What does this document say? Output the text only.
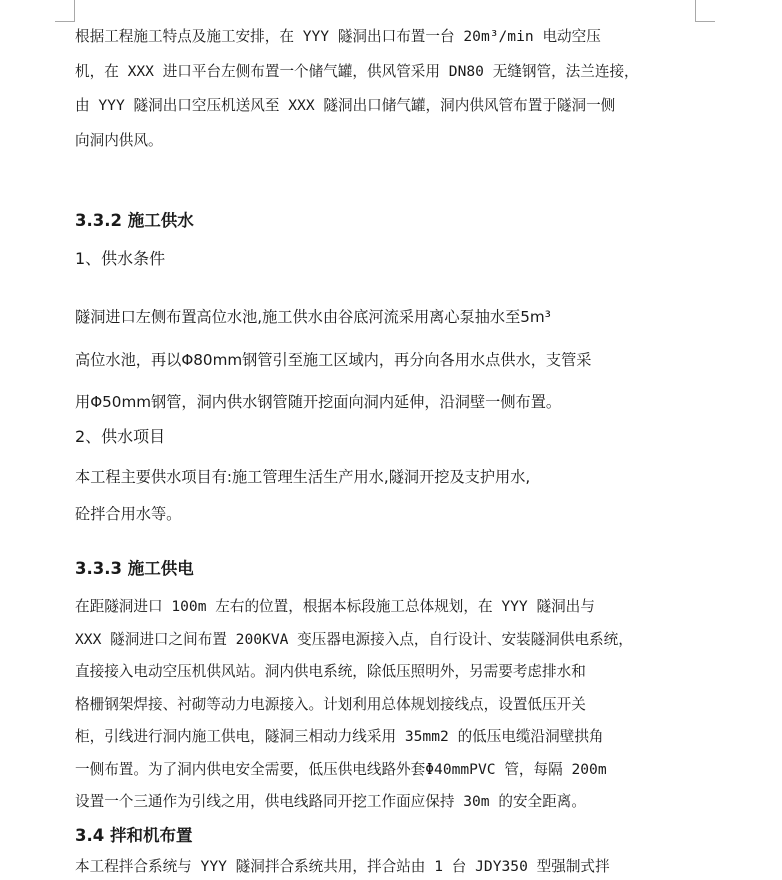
根据工程施工特点及施工安排，在 YYY 隧洞出口布置一台 20m³/min 电动空压
机，在 XXX 进口平台左侧布置一个储气罐，供风管采用 DN80 无缝钢管，法兰连接，
由 YYY 隧洞出口空压机送风至 XXX 隧洞出口储气罐，洞内供风管布置于隧洞一侧
向洞内供风。
3.3.2 施工供水
1、供水条件
隧洞进口左侧布置高位水池,施工供水由谷底河流采用离心泵抽水至5m³
高位水池，再以Φ80mm钢管引至施工区域内，再分向各用水点供水，支管采
用Φ50mm钢管，洞内供水钢管随开挖面向洞内延伸，沿洞壁一侧布置。
2、供水项目
本工程主要供水项目有:施工管理生活生产用水,隧洞开挖及支护用水,
砼拌合用水等。
3.3.3 施工供电
在距隧洞进口 100m 左右的位置，根据本标段施工总体规划，在 YYY 隧洞出与
XXX 隧洞进口之间布置 200KVA 变压器电源接入点，自行设计、安装隧洞供电系统，
直接接入电动空压机供风站。洞内供电系统，除低压照明外，另需要考虑排水和
格栅钢架焊接、衬砌等动力电源接入。计划利用总体规划接线点，设置低压开关
柜，引线进行洞内施工供电，隧洞三相动力线采用 35mm2 的低压电缆沿洞壁拱角
一侧布置。为了洞内供电安全需要，低压供电线路外套Φ40mmPVC 管，每隔 200m
设置一个三通作为引线之用，供电线路同开挖工作面应保持 30m 的安全距离。
3.4 拌和机布置
本工程拌合系统与 YYY 隧洞拌合系统共用，拌合站由 1 台 JDY350 型强制式拌
